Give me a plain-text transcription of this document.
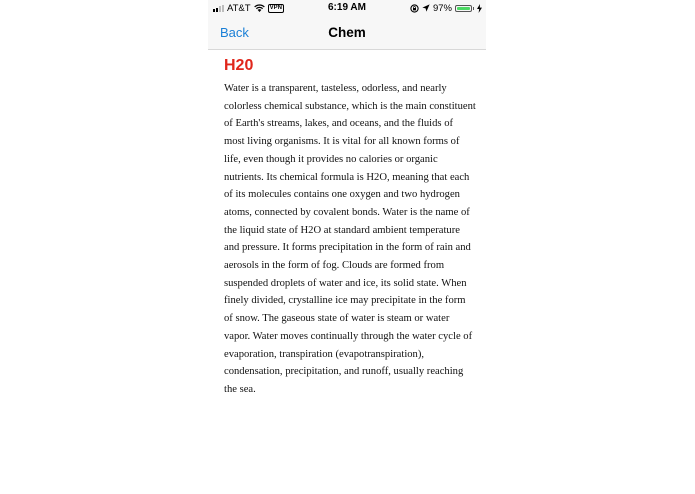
AT&T	VPN	6:19 AM	97%
Back	Chem
H20

Water is a transparent, tasteless, odorless, and nearly colorless chemical substance, which is the main constituent of Earth's streams, lakes, and oceans, and the fluids of most living organisms. It is vital for all known forms of life, even though it provides no calories or organic nutrients. Its chemical formula is H2O, meaning that each of its molecules contains one oxygen and two hydrogen atoms, connected by covalent bonds. Water is the name of the liquid state of H2O at standard ambient temperature and pressure. It forms precipitation in the form of rain and aerosols in the form of fog. Clouds are formed from suspended droplets of water and ice, its solid state. When finely divided, crystalline ice may precipitate in the form of snow. The gaseous state of water is steam or water vapor. Water moves continually through the water cycle of evaporation, transpiration (evapotranspiration), condensation, precipitation, and runoff, usually reaching the sea.
